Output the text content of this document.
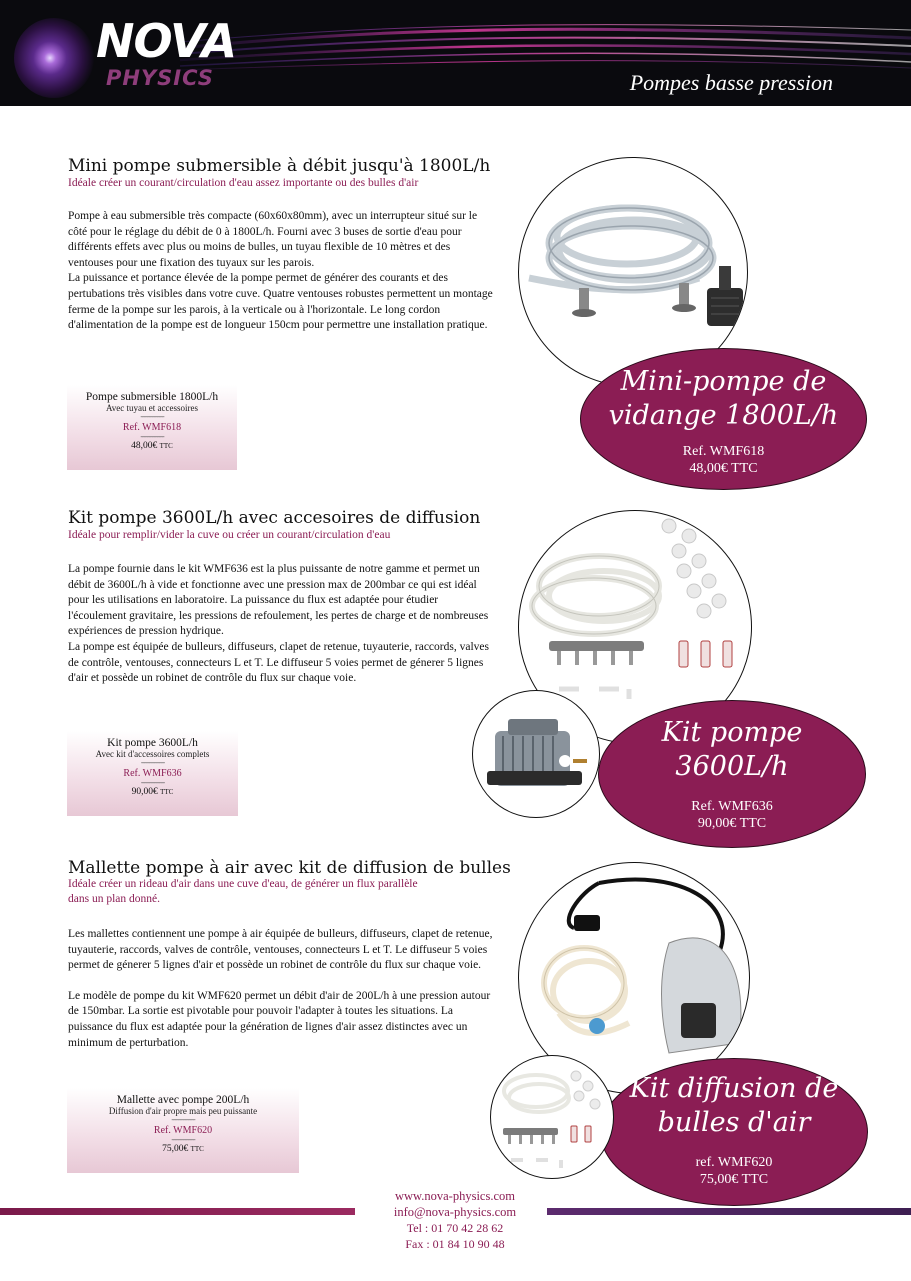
NOVA
PHYSICS	Pompes basse pression
Mini pompe submersible à débit jusqu'à 1800L/h
Idéale créer un courant/circulation d'eau assez importante ou des bulles d'air

Pompe à eau submersible très compacte (60x60x80mm), avec un interrupteur situé sur le côté pour le réglage du débit de 0 à 1800L/h. Fourni avec 3 buses de sortie d'eau pour différents effets avec plus ou moins de bulles, un tuyau flexible de 10 mètres et des ventouses pour une fixation des tuyaux sur les parois.

La puissance et portance élevée de la pompe permet de générer des courants et des pertubations très visibles dans votre cuve. Quatre ventouses robustes permettent un montage ferme de la pompe sur les parois, à la verticale ou à l'horizontale. Le long cordon d'alimentation de la pompe est de longueur 150cm pour permettre une installation pratique.

Pompe submersible 1800L/h
Avec tuyau et accessoires
--------------
Ref. WMF618
--------------
48,00€ TTC
Mini-pompe de
vidange 1800L/h
Ref. WMF618
48,00€ TTC
Kit pompe 3600L/h avec accesoires de diffusion
Idéale pour remplir/vider la cuve ou créer un courant/circulation d'eau

La pompe fournie dans le kit WMF636 est la plus puissante de notre gamme et permet un débit de 3600L/h à vide et fonctionne avec une pression max de 200mbar ce qui est idéal pour les utilisations en laboratoire. La puissance du flux est adaptée pour étudier l'écoulement gravitaire, les pressions de refoulement, les pertes de charge et de nombreuses expériences de pression hydrique.

La pompe est équipée de bulleurs, diffuseurs, clapet de retenue, tuyauterie, raccords, valves de contrôle, ventouses, connecteurs L et T. Le diffuseur 5 voies permet de génerer 5 lignes d'air et possède un robinet de contrôle du flux sur chaque voie.

Kit pompe 3600L/h
Avec kit d'accessoires complets
--------------
Ref. WMF636
--------------
90,00€ TTC
Kit pompe
3600L/h
Ref. WMF636
90,00€ TTC
Mallette pompe à air avec kit de diffusion de bulles
Idéale créer un rideau d'air dans une cuve d'eau, de générer un flux parallèle
dans un plan donné.

Les mallettes contiennent une pompe à air équipée de bulleurs, diffuseurs, clapet de retenue, tuyauterie, raccords, valves de contrôle, ventouses, connecteurs L et T. Le diffuseur 5 voies permet de génerer 5 lignes d'air et possède un robinet de contrôle du flux sur chaque voie.

Le modèle de pompe du kit WMF620 permet un débit d'air de 200L/h à une pression autour de 150mbar. La sortie est pivotable pour pouvoir l'adapter à toutes les situations. La puissance du flux est adaptée pour la génération de lignes d'air assez distinctes avec un minimum de perturbation.

Mallette avec pompe 200L/h
Diffusion d'air propre mais peu puissante
--------------
Ref. WMF620
--------------
75,00€ TTC
Kit diffusion de
bulles d'air
ref. WMF620
75,00€ TTC
www.nova-physics.com
info@nova-physics.com
Tel : 01 70 42 28 62
Fax : 01 84 10 90 48
